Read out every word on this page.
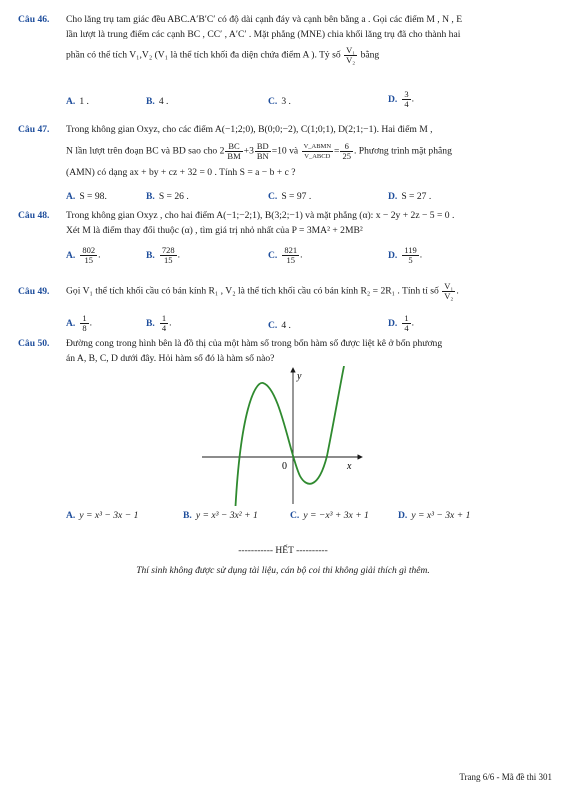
Câu 46. Cho lăng trụ tam giác đều ABC.A′B′C′ có độ dài cạnh đáy và cạnh bên bằng a . Gọi các điểm M , N , E
lần lượt là trung điểm các cạnh BC , CC′ , A′C′ . Mặt phẳng (MNE) chia khối lăng trụ đã cho thành hai
phần có thể tích V₁,V₂ (V₁ là thể tích khối đa diện chứa điểm A ). Tỷ số $\frac{\text{V₁}}{\text{V₂}}$ bằng
A. 1 .	B. 4 .	C. 3 .	D. $\frac{3}{4}$ .
Câu 47. Trong không gian Oxyz, cho các điểm A(−1;2;0), B(0;0;−2), C(1;0;1), D(2;1;−1). Hai điểm M ,
N lần lượt trên đoạn BC và BD sao cho $2 \frac{BC}{BM} +3 \frac{BD}{BN} =10$ và $\frac{\text{V\_ABMN}}{\text{V\_ABCD}} = \frac{6}{25}$ . Phương trình mặt phẳng
(AMN) có dạng ax + by + cz + 32 = 0 . Tính S = a − b + c ?
A. S = 98.	B. S = 26 .	C. S = 97 .	D. S = 27 .
Câu 48. Trong không gian Oxyz , cho hai điểm A(−1;−2;1), B(3;2;−1) và mặt phẳng (α): x − 2y + 2z − 5 = 0 .
Xét M là điểm thay đổi thuộc (α) , tìm giá trị nhỏ nhất của P = 3MA² + 2MB²
A. $\frac{802}{15}$ .	B. $\frac{728}{15}$ .	C. $\frac{821}{15}$ .	D. $\frac{119}{5}$ .
Câu 49. Gọi V₁ thể tích khối cầu có bán kính R₁ , V₂ là thể tích khối cầu có bán kính R₂ = 2R₁ . Tính tỉ số $\frac{\text{V₁}}{\text{V₂}}$ .
A. $\frac{1}{8}$ .	B. $\frac{1}{4}$ .	C. 4 .	D. $\frac{1}{4}$ .
Câu 50. Đường cong trong hình bên là đồ thị của một hàm số trong bốn hàm số được liệt kê ở bốn phương
án A, B, C, D dưới đây. Hỏi hàm số đó là hàm số nào?
y
x
0
A. y = x³ − 3x − 1	B. y = x³ − 3x² + 1	C. y = −x³ + 3x + 1	D. y = x³ − 3x + 1
----------- HẾT ----------
Thí sinh không được sử dụng tài liệu, cán bộ coi thi không giải thích gì thêm.
Trang 6/6 - Mã đề thi 301
